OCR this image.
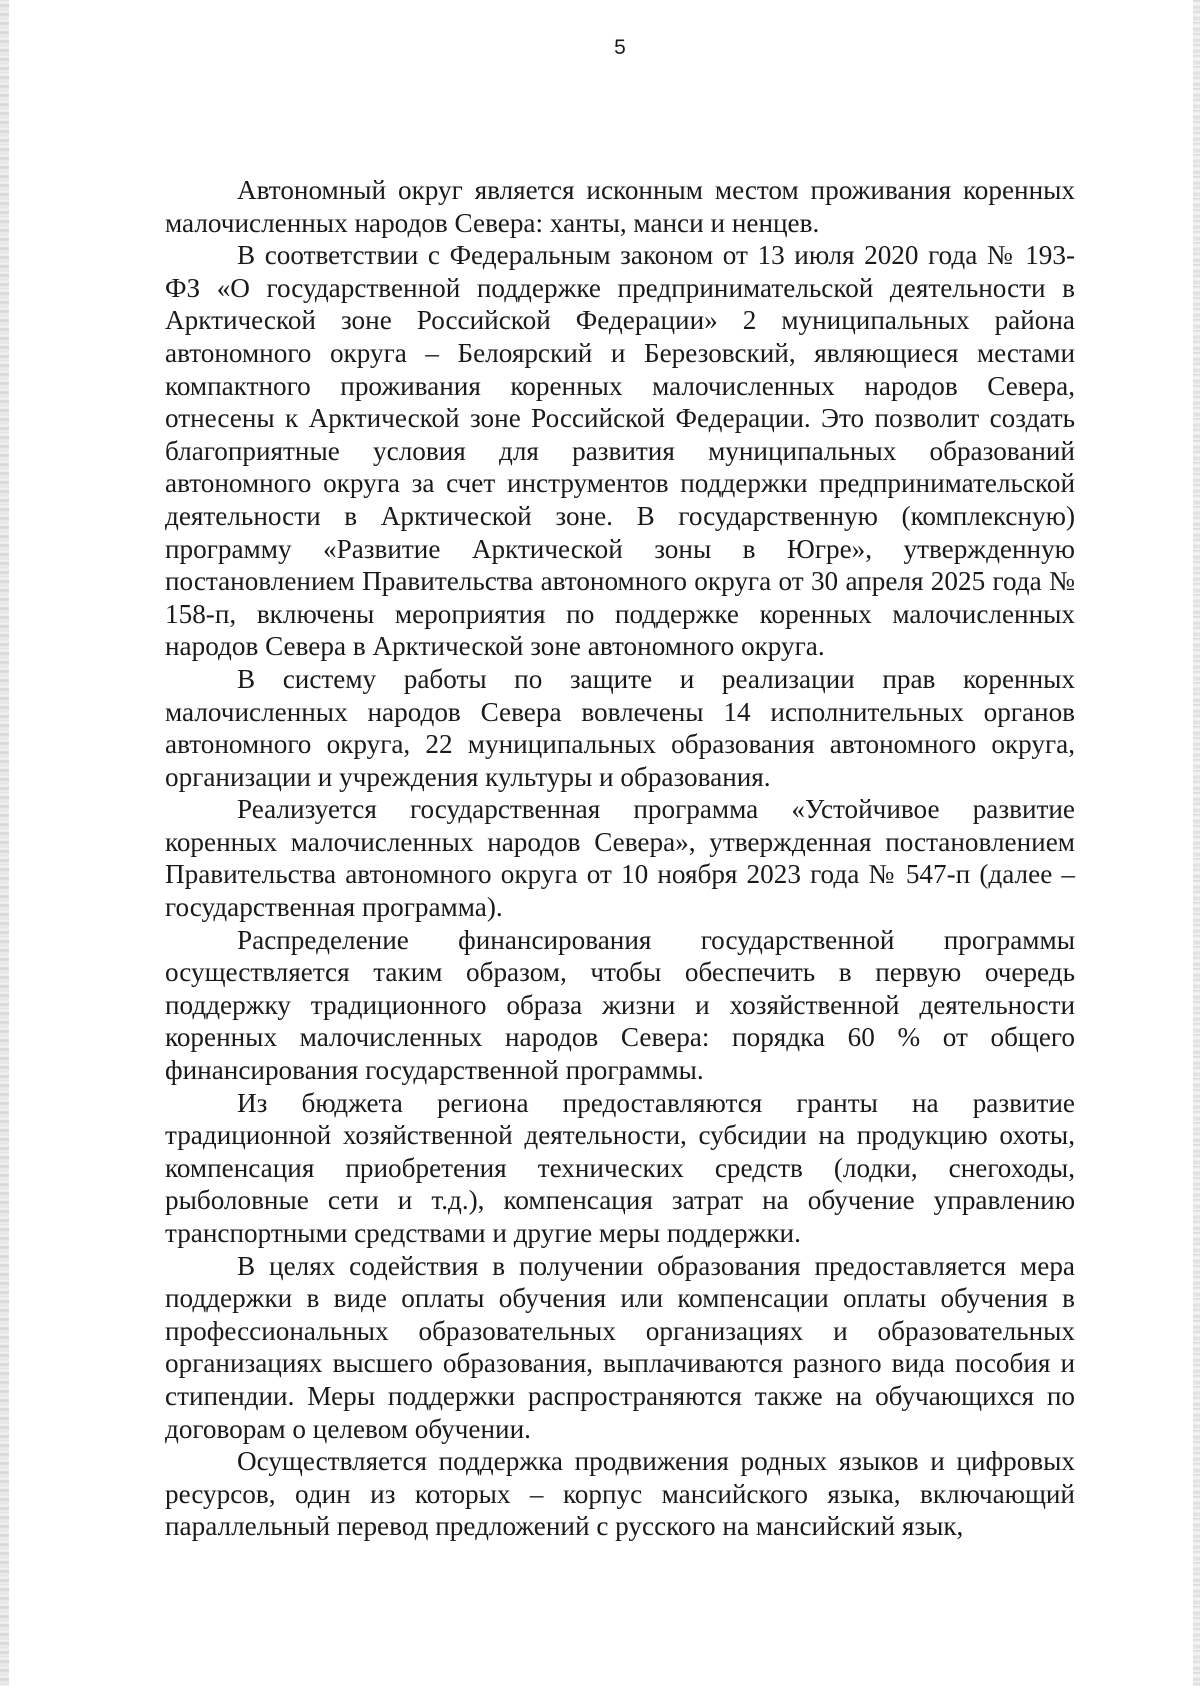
5

Автономный округ является исконным местом проживания коренных малочисленных народов Севера: ханты, манси и ненцев.

В соответствии с Федеральным законом от 13 июля 2020 года № 193-ФЗ «О государственной поддержке предпринимательской деятельности в Арктической зоне Российской Федерации» 2 муниципальных района автономного округа – Белоярский и Березовский, являющиеся местами компактного проживания коренных малочисленных народов Севера, отнесены к Арктической зоне Российской Федерации. Это позволит создать благоприятные условия для развития муниципальных образований автономного округа за счет инструментов поддержки предпринимательской деятельности в Арктической зоне. В государственную (комплексную) программу «Развитие Арктической зоны в Югре», утвержденную постановлением Правительства автономного округа от 30 апреля 2025 года № 158-п, включены мероприятия по поддержке коренных малочисленных народов Севера в Арктической зоне автономного округа.

В систему работы по защите и реализации прав коренных малочисленных народов Севера вовлечены 14 исполнительных органов автономного округа, 22 муниципальных образования автономного округа, организации и учреждения культуры и образования.

Реализуется государственная программа «Устойчивое развитие коренных малочисленных народов Севера», утвержденная постановлением Правительства автономного округа от 10 ноября 2023 года № 547-п (далее – государственная программа).

Распределение финансирования государственной программы осуществляется таким образом, чтобы обеспечить в первую очередь поддержку традиционного образа жизни и хозяйственной деятельности коренных малочисленных народов Севера: порядка 60 % от общего финансирования государственной программы.

Из бюджета региона предоставляются гранты на развитие традиционной хозяйственной деятельности, субсидии на продукцию охоты, компенсация приобретения технических средств (лодки, снегоходы, рыболовные сети и т.д.), компенсация затрат на обучение управлению транспортными средствами и другие меры поддержки.

В целях содействия в получении образования предоставляется мера поддержки в виде оплаты обучения или компенсации оплаты обучения в профессиональных образовательных организациях и образовательных организациях высшего образования, выплачиваются разного вида пособия и стипендии. Меры поддержки распространяются также на обучающихся по договорам о целевом обучении.

Осуществляется поддержка продвижения родных языков и цифровых ресурсов, один из которых – корпус мансийского языка, включающий параллельный перевод предложений с русского на мансийский язык,
